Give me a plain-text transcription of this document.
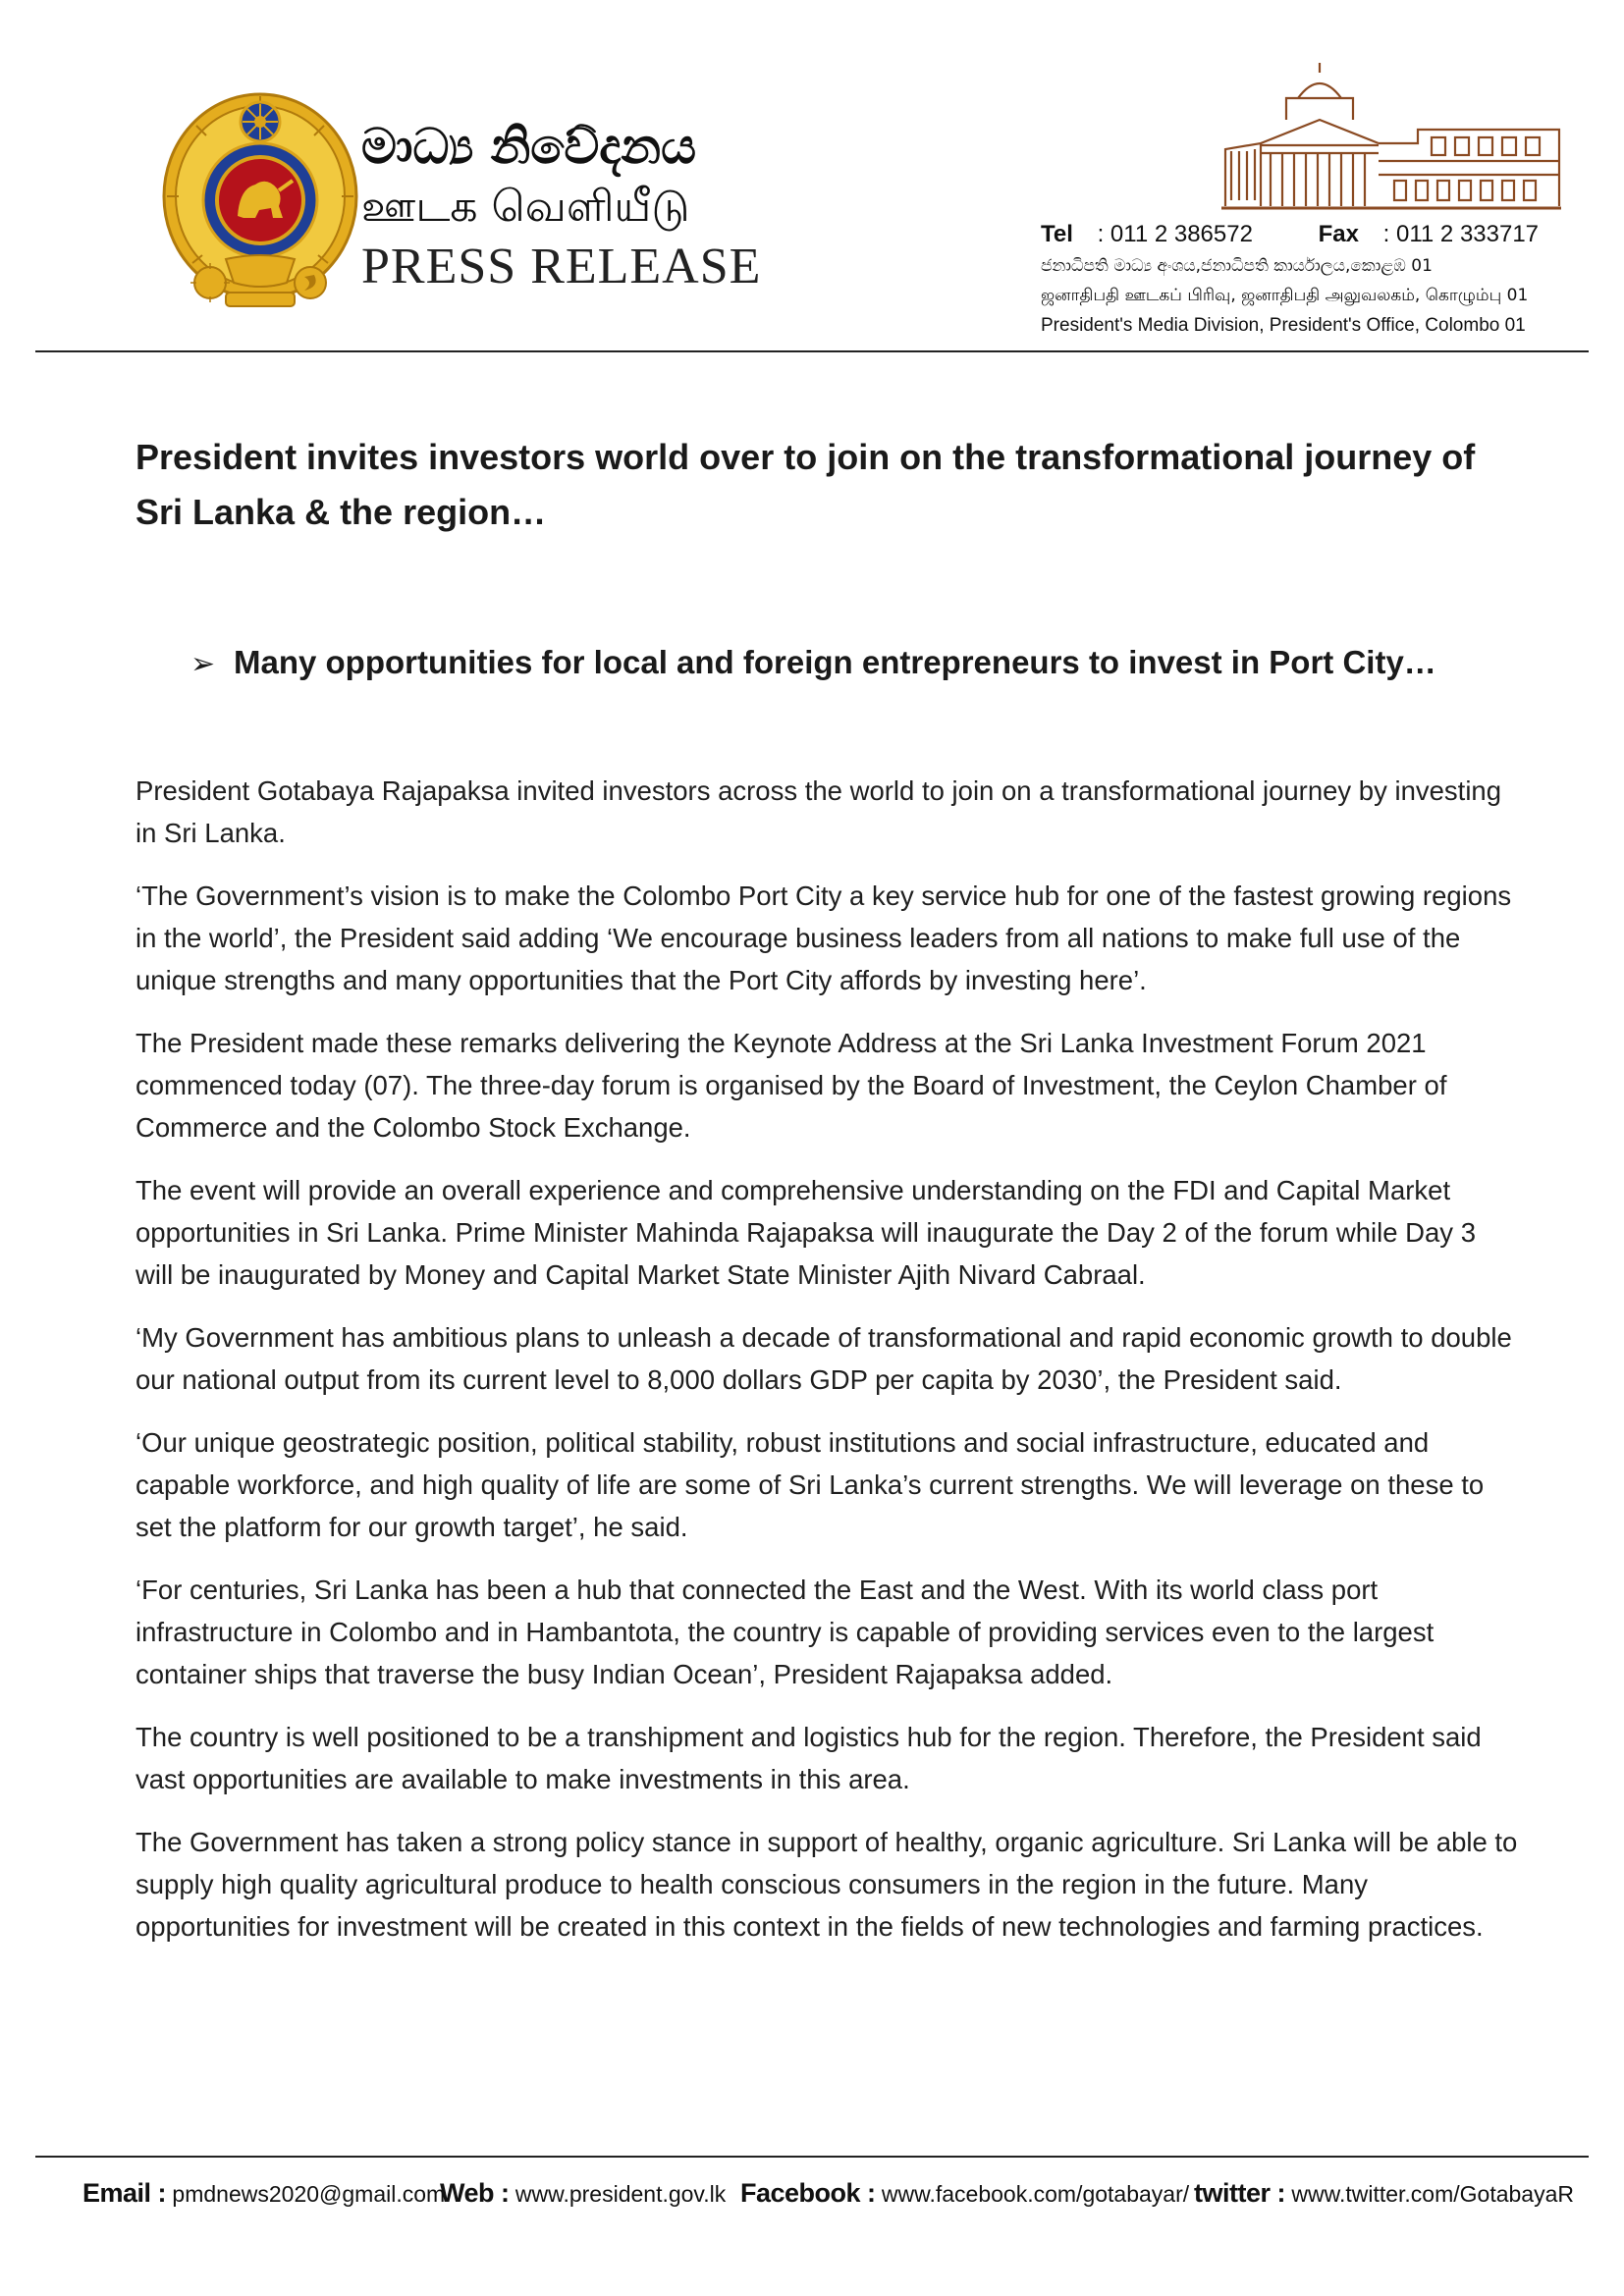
මාධ්‍ය නිවේදනය
ஊடக வெளியீடு
PRESS RELEASE
Tel : 011 2 386572	Fax : 011 2 333717
ජනාධිපති මාධ්‍ය අංශය,ජනාධිපති කාර්යාලය,කොළඹ 01
ஜனாதிபதி ஊடகப் பிரிவு, ஜனாதிபதி அலுவலகம், கொழும்பு 01
President's Media Division, President's Office, Colombo 01
President invites investors world over to join on the transformational journey of Sri Lanka & the region…
➢ Many opportunities for local and foreign entrepreneurs to invest in Port City…

President Gotabaya Rajapaksa invited investors across the world to join on a transformational journey by investing in Sri Lanka.

‘The Government’s vision is to make the Colombo Port City a key service hub for one of the fastest growing regions in the world’, the President said adding ‘We encourage business leaders from all nations to make full use of the unique strengths and many opportunities that the Port City affords by investing here’.

The President made these remarks delivering the Keynote Address at the Sri Lanka Investment Forum 2021 commenced today (07). The three-day forum is organised by the Board of Investment, the Ceylon Chamber of Commerce and the Colombo Stock Exchange.

The event will provide an overall experience and comprehensive understanding on the FDI and Capital Market opportunities in Sri Lanka. Prime Minister Mahinda Rajapaksa will inaugurate the Day 2 of the forum while Day 3 will be inaugurated by Money and Capital Market State Minister Ajith Nivard Cabraal.

‘My Government has ambitious plans to unleash a decade of transformational and rapid economic growth to double our national output from its current level to 8,000 dollars GDP per capita by 2030’, the President said.

‘Our unique geostrategic position, political stability, robust institutions and social infrastructure, educated and capable workforce, and high quality of life are some of Sri Lanka’s current strengths. We will leverage on these to set the platform for our growth target’, he said.

‘For centuries, Sri Lanka has been a hub that connected the East and the West. With its world class port infrastructure in Colombo and in Hambantota, the country is capable of providing services even to the largest container ships that traverse the busy Indian Ocean’, President Rajapaksa added.

The country is well positioned to be a transhipment and logistics hub for the region. Therefore, the President said vast opportunities are available to make investments in this area.

The Government has taken a strong policy stance in support of healthy, organic agriculture. Sri Lanka will be able to supply high quality agricultural produce to health conscious consumers in the region in the future. Many opportunities for investment will be created in this context in the fields of new technologies and farming practices.

Email : pmdnews2020@gmail.com
Web : www.president.gov.lk Facebook : www.facebook.com/gotabayar/ twitter : www.twitter.com/GotabayaR
